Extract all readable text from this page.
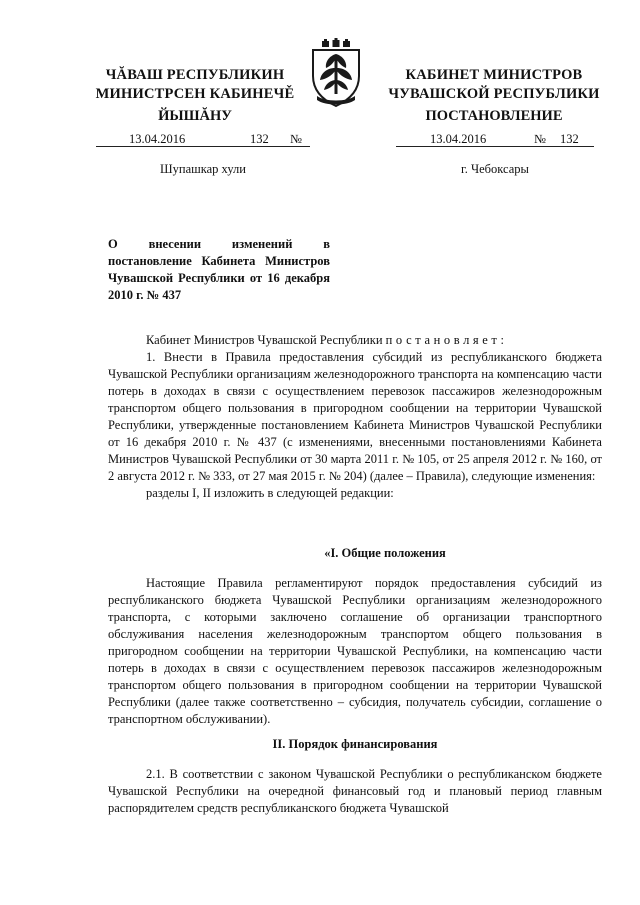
ЧĂВАШ РЕСПУБЛИКИН
МИНИСТРСЕН КАБИНЕЧĚ
ЙЫШĂНУ
КАБИНЕТ МИНИСТРОВ
ЧУВАШСКОЙ РЕСПУБЛИКИ
ПОСТАНОВЛЕНИЕ
13.04.2016	132 №	13.04.2016	№ 132
Шупашкар хули	г. Чебоксары
О внесении изменений в постановление Кабинета Министров Чувашской Республики от 16 декабря 2010 г. № 437

Кабинет Министров Чувашской Республики постановляет:

1. Внести в Правила предоставления субсидий из республиканского бюджета Чувашской Республики организациям железнодорожного транспорта на компенсацию части потерь в доходах в связи с осуществлением перевозок пассажиров железнодорожным транспортом общего пользования в пригородном сообщении на территории Чувашской Республики, утвержденные постановлением Кабинета Министров Чувашской Республики от 16 декабря 2010 г. № 437 (с изменениями, внесенными постановлениями Кабинета Министров Чувашской Республики от 30 марта 2011 г. № 105, от 25 апреля 2012 г. № 160, от 2 августа 2012 г. № 333, от 27 мая 2015 г. № 204) (далее – Правила), следующие изменения:

разделы I, II изложить в следующей редакции:

«I. Общие положения

Настоящие Правила регламентируют порядок предоставления субсидий из республиканского бюджета Чувашской Республики организациям железнодорожного транспорта, с которыми заключено соглашение об организации транспортного обслуживания населения железнодорожным транспортом общего пользования в пригородном сообщении на территории Чувашской Республики, на компенсацию части потерь в доходах в связи с осуществлением перевозок пассажиров железнодорожным транспортом общего пользования в пригородном сообщении на территории Чувашской Республики (далее также соответственно – субсидия, получатель субсидии, соглашение о транспортном обслуживании).

II. Порядок финансирования

2.1. В соответствии с законом Чувашской Республики о республиканском бюджете Чувашской Республики на очередной финансовый год и плановый период главным распорядителем средств республиканского бюджета Чувашской
